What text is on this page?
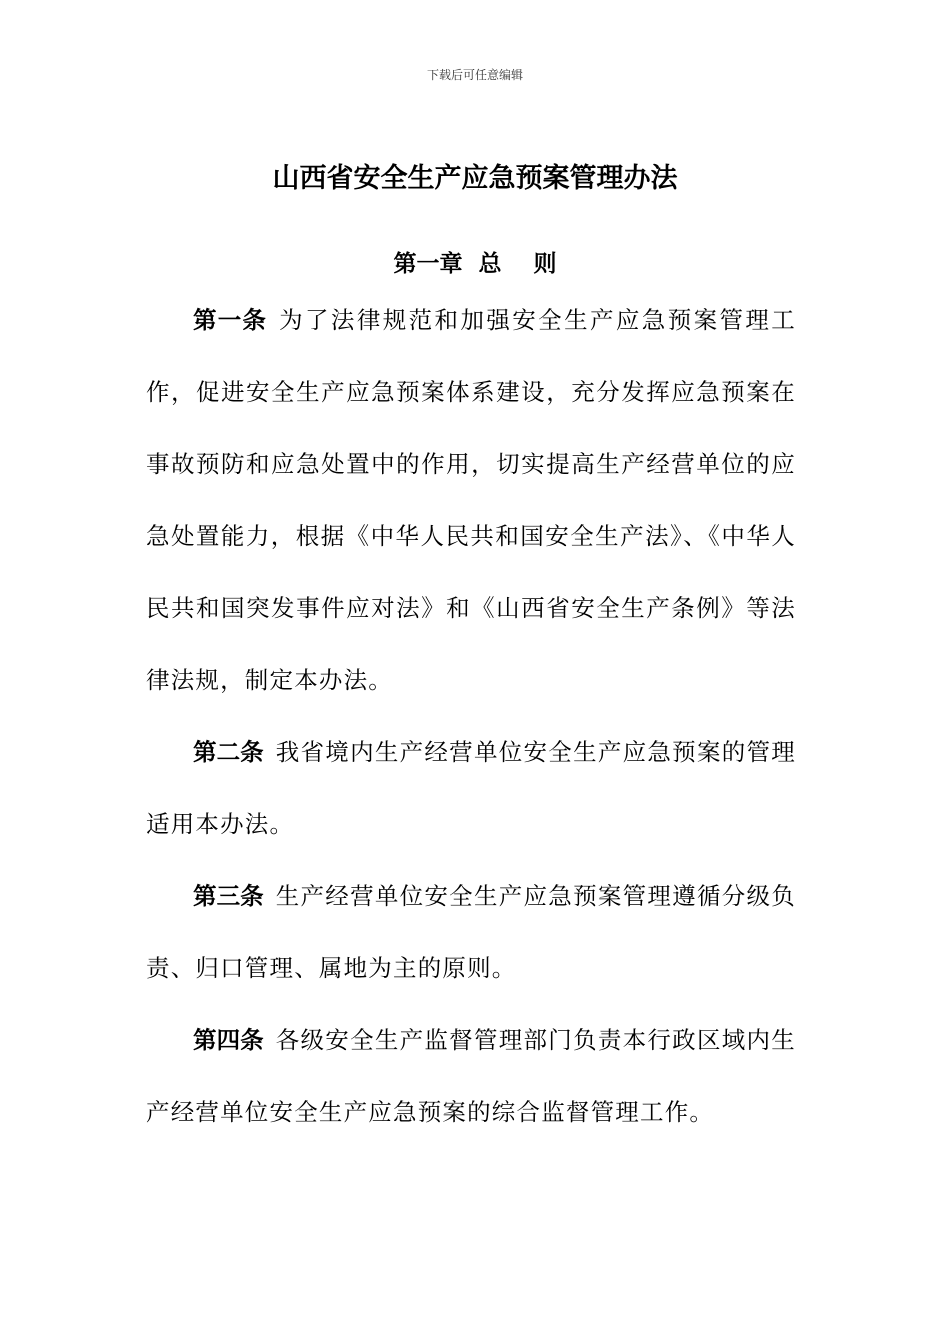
下载后可任意编辑
山西省安全生产应急预案管理办法
第一章  总    则

第一条 为了法律规范和加强安全生产应急预案管理工作，促进安全生产应急预案体系建设，充分发挥应急预案在事故预防和应急处置中的作用，切实提高生产经营单位的应急处置能力，根据《中华人民共和国安全生产法》、《中华人民共和国突发事件应对法》和《山西省安全生产条例》等法律法规，制定本办法。

第二条 我省境内生产经营单位安全生产应急预案的管理适用本办法。

第三条 生产经营单位安全生产应急预案管理遵循分级负责、归口管理、属地为主的原则。

第四条 各级安全生产监督管理部门负责本行政区域内生产经营单位安全生产应急预案的综合监督管理工作。
